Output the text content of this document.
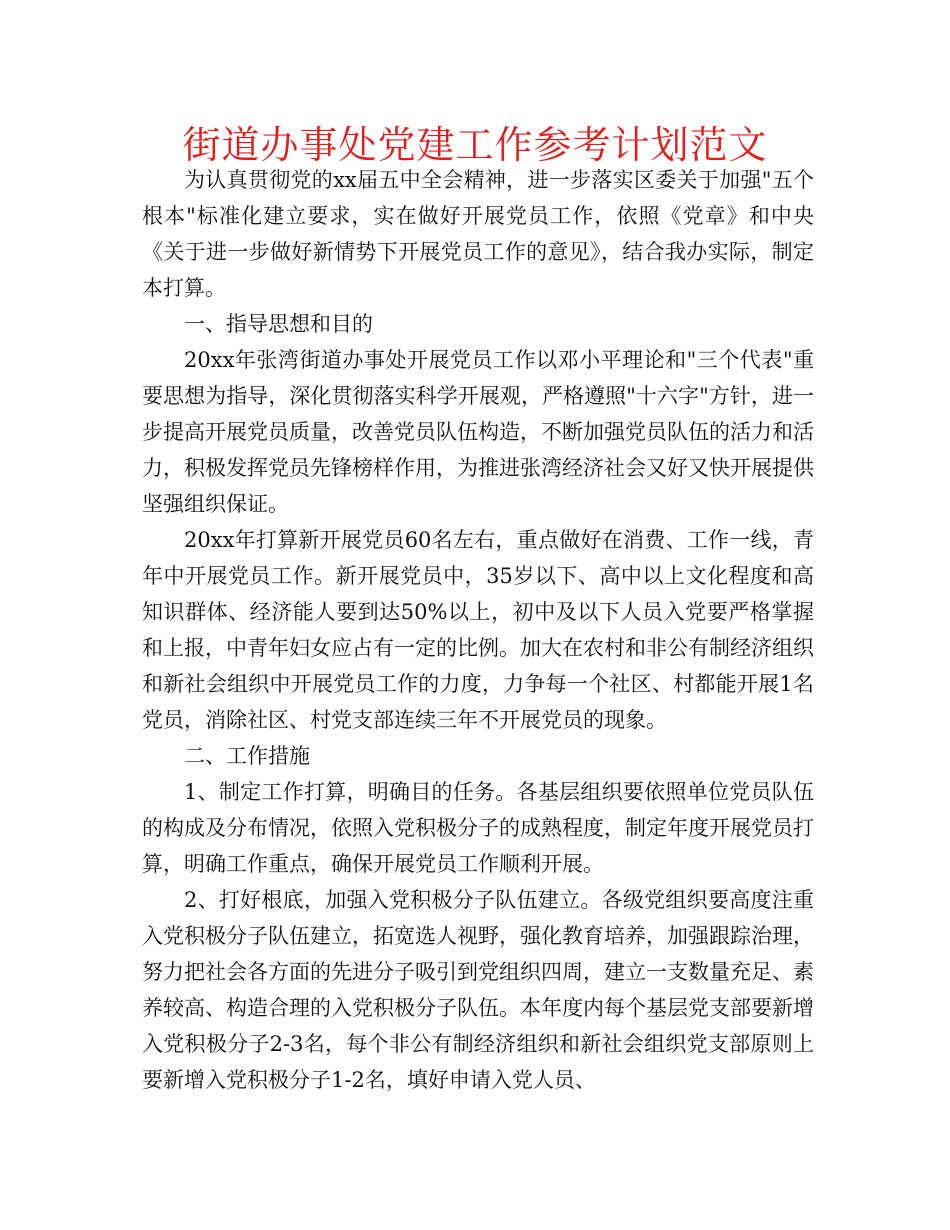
街道办事处党建工作参考计划范文

为认真贯彻党的xx届五中全会精神，进一步落实区委关于加强"五个根本"标准化建立要求，实在做好开展党员工作，依照《党章》和中央《关于进一步做好新情势下开展党员工作的意见》，结合我办实际，制定本打算。

一、指导思想和目的

20xx年张湾街道办事处开展党员工作以邓小平理论和"三个代表"重要思想为指导，深化贯彻落实科学开展观，严格遵照"十六字"方针，进一步提高开展党员质量，改善党员队伍构造，不断加强党员队伍的活力和活力，积极发挥党员先锋榜样作用，为推进张湾经济社会又好又快开展提供坚强组织保证。

20xx年打算新开展党员60名左右，重点做好在消费、工作一线，青年中开展党员工作。新开展党员中，35岁以下、高中以上文化程度和高知识群体、经济能人要到达50%以上，初中及以下人员入党要严格掌握和上报，中青年妇女应占有一定的比例。加大在农村和非公有制经济组织和新社会组织中开展党员工作的力度，力争每一个社区、村都能开展1名党员，消除社区、村党支部连续三年不开展党员的现象。

二、工作措施

1、制定工作打算，明确目的任务。各基层组织要依照单位党员队伍的构成及分布情况，依照入党积极分子的成熟程度，制定年度开展党员打算，明确工作重点，确保开展党员工作顺利开展。

2、打好根底，加强入党积极分子队伍建立。各级党组织要高度注重入党积极分子队伍建立，拓宽选人视野，强化教育培养，加强跟踪治理，努力把社会各方面的先进分子吸引到党组织四周，建立一支数量充足、素养较高、构造合理的入党积极分子队伍。本年度内每个基层党支部要新增入党积极分子2-3名，每个非公有制经济组织和新社会组织党支部原则上要新增入党积极分子1-2名，填好申请入党人员、
